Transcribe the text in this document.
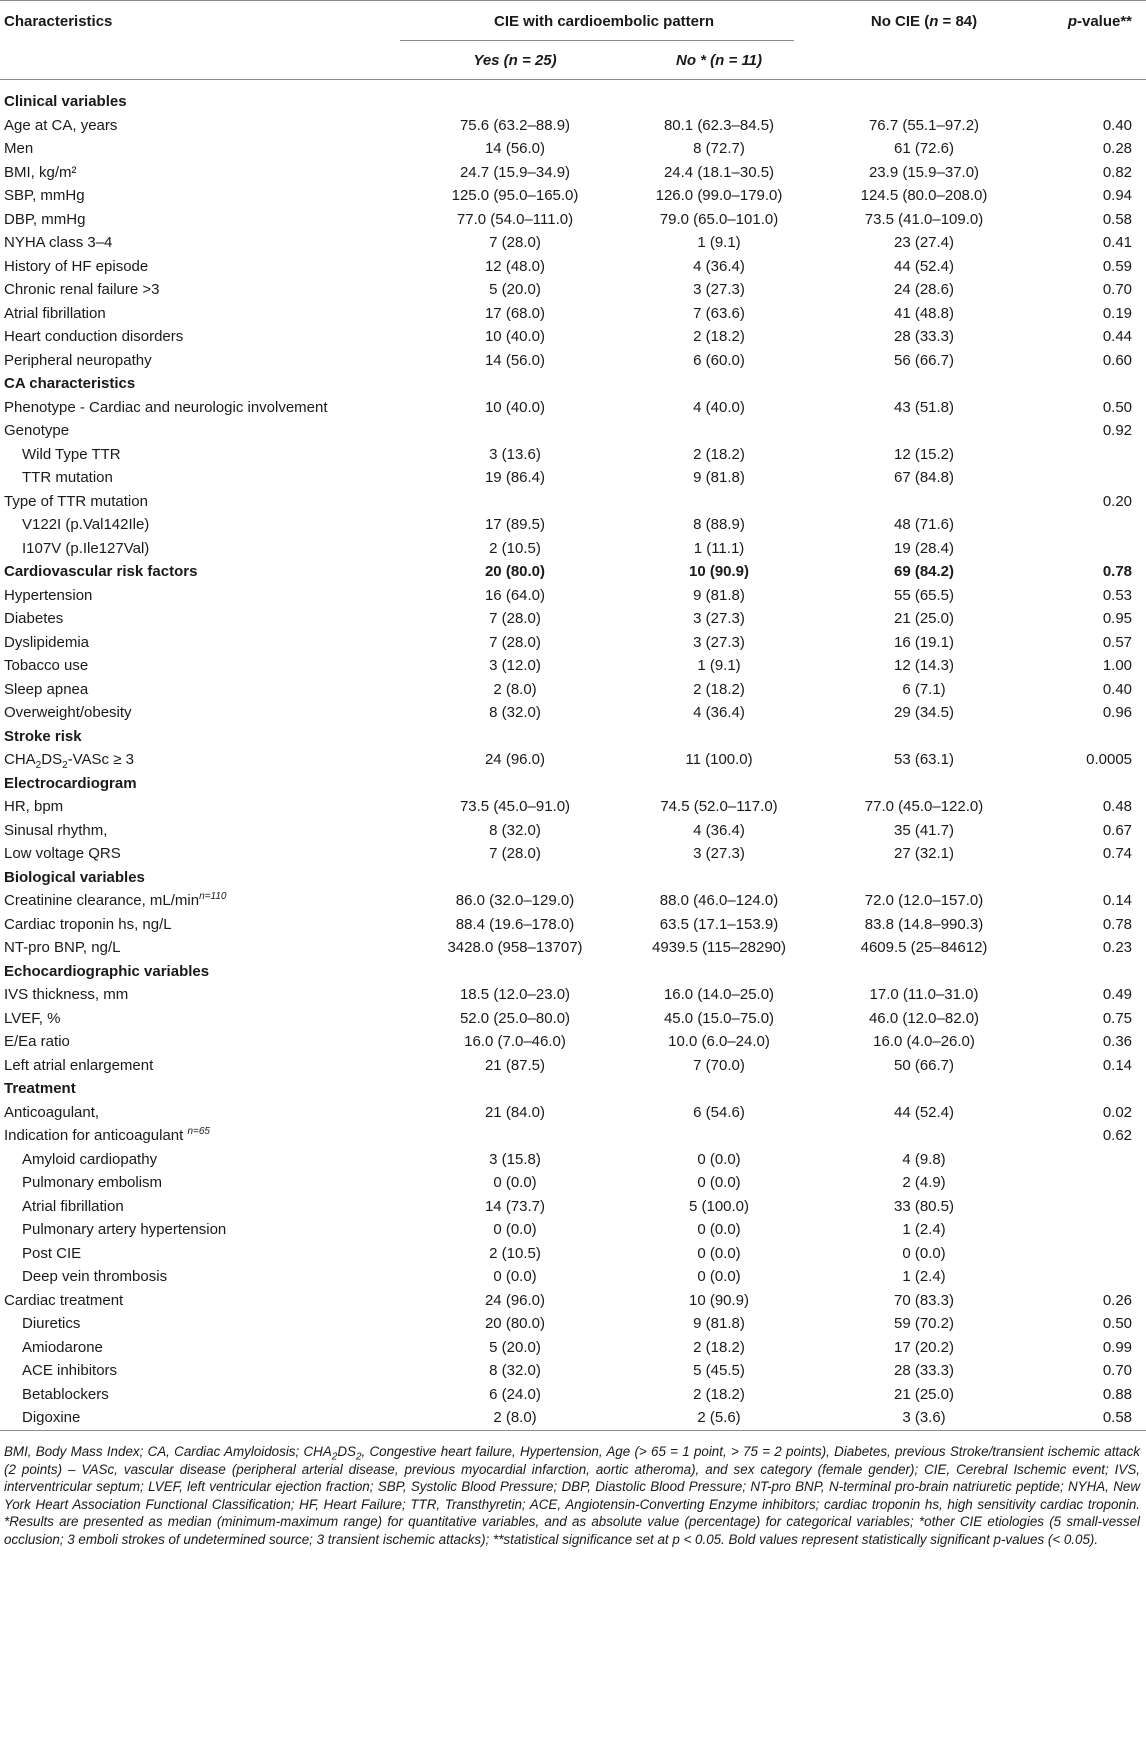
Characteristics	CIE with cardioembolic pattern		No CIE (n = 84)	p-value**
	Yes (n = 25)	No * (n = 11)		

Clinical variables				
Age at CA, years	75.6 (63.2–88.9)	80.1 (62.3–84.5)	76.7 (55.1–97.2)	0.40
Men	14 (56.0)	8 (72.7)	61 (72.6)	0.28
BMI, kg/m²	24.7 (15.9–34.9)	24.4 (18.1–30.5)	23.9 (15.9–37.0)	0.82
SBP, mmHg	125.0 (95.0–165.0)	126.0 (99.0–179.0)	124.5 (80.0–208.0)	0.94
DBP, mmHg	77.0 (54.0–111.0)	79.0 (65.0–101.0)	73.5 (41.0–109.0)	0.58
NYHA class 3–4	7 (28.0)	1 (9.1)	23 (27.4)	0.41
History of HF episode	12 (48.0)	4 (36.4)	44 (52.4)	0.59
Chronic renal failure >3	5 (20.0)	3 (27.3)	24 (28.6)	0.70
Atrial fibrillation	17 (68.0)	7 (63.6)	41 (48.8)	0.19
Heart conduction disorders	10 (40.0)	2 (18.2)	28 (33.3)	0.44
Peripheral neuropathy	14 (56.0)	6 (60.0)	56 (66.7)	0.60
CA characteristics				
Phenotype - Cardiac and neurologic involvement	10 (40.0)	4 (40.0)	43 (51.8)	0.50
Genotype				0.92
Wild Type TTR	3 (13.6)	2 (18.2)	12 (15.2)	
TTR mutation	19 (86.4)	9 (81.8)	67 (84.8)	
Type of TTR mutation				0.20
V122I (p.Val142Ile)	17 (89.5)	8 (88.9)	48 (71.6)	
I107V (p.Ile127Val)	2 (10.5)	1 (11.1)	19 (28.4)	
Cardiovascular risk factors	20 (80.0)	10 (90.9)	69 (84.2)	0.78
Hypertension	16 (64.0)	9 (81.8)	55 (65.5)	0.53
Diabetes	7 (28.0)	3 (27.3)	21 (25.0)	0.95
Dyslipidemia	7 (28.0)	3 (27.3)	16 (19.1)	0.57
Tobacco use	3 (12.0)	1 (9.1)	12 (14.3)	1.00
Sleep apnea	2 (8.0)	2 (18.2)	6 (7.1)	0.40
Overweight/obesity	8 (32.0)	4 (36.4)	29 (34.5)	0.96
Stroke risk				
$CHA_2DS_2$-VASc ≥ 3	24 (96.0)	11 (100.0)	53 (63.1)	0.0005
Electrocardiogram				
HR, bpm	73.5 (45.0–91.0)	74.5 (52.0–117.0)	77.0 (45.0–122.0)	0.48
Sinusal rhythm,	8 (32.0)	4 (36.4)	35 (41.7)	0.67
Low voltage QRS	7 (28.0)	3 (27.3)	27 (32.1)	0.74
Biological variables				
Creatinine clearance, $mL/\min^{n=110}$	86.0 (32.0–129.0)	88.0 (46.0–124.0)	72.0 (12.0–157.0)	0.14
Cardiac troponin hs, ng/L	88.4 (19.6–178.0)	63.5 (17.1–153.9)	83.8 (14.8–990.3)	0.78
NT-pro BNP, ng/L	3428.0 (958–13707)	4939.5 (115–28290)	4609.5 (25–84612)	0.23
Echocardiographic variables				
IVS thickness, mm	18.5 (12.0–23.0)	16.0 (14.0–25.0)	17.0 (11.0–31.0)	0.49
LVEF, %	52.0 (25.0–80.0)	45.0 (15.0–75.0)	46.0 (12.0–82.0)	0.75
E/Ea ratio	16.0 (7.0–46.0)	10.0 (6.0–24.0)	16.0 (4.0–26.0)	0.36
Left atrial enlargement	21 (87.5)	7 (70.0)	50 (66.7)	0.14
Treatment				
Anticoagulant,	21 (84.0)	6 (54.6)	44 (52.4)	0.02
Indication for anticoagulant $^{n=65}$				0.62
Amyloid cardiopathy	3 (15.8)	0 (0.0)	4 (9.8)	
Pulmonary embolism	0 (0.0)	0 (0.0)	2 (4.9)	
Atrial fibrillation	14 (73.7)	5 (100.0)	33 (80.5)	
Pulmonary artery hypertension	0 (0.0)	0 (0.0)	1 (2.4)	
Post CIE	2 (10.5)	0 (0.0)	0 (0.0)	
Deep vein thrombosis	0 (0.0)	0 (0.0)	1 (2.4)	
Cardiac treatment	24 (96.0)	10 (90.9)	70 (83.3)	0.26
Diuretics	20 (80.0)	9 (81.8)	59 (70.2)	0.50
Amiodarone	5 (20.0)	2 (18.2)	17 (20.2)	0.99
ACE inhibitors	8 (32.0)	5 (45.5)	28 (33.3)	0.70
Betablockers	6 (24.0)	2 (18.2)	21 (25.0)	0.88
Digoxine	2 (8.0)	2 (5.6)	3 (3.6)	0.58

BMI, Body Mass Index; CA, Cardiac Amyloidosis; $CHA_2DS_2$, Congestive heart failure, Hypertension, Age (> 65 = 1 point, > 75 = 2 points), Diabetes, previous Stroke/transient ischemic attack (2 points) – VASc, vascular disease (peripheral arterial disease, previous myocardial infarction, aortic atheroma), and sex category (female gender); CIE, Cerebral Ischemic event; IVS, interventricular septum; LVEF, left ventricular ejection fraction; SBP, Systolic Blood Pressure; DBP, Diastolic Blood Pressure; NT-pro BNP, N-terminal pro-brain natriuretic peptide; NYHA, New York Heart Association Functional Classification; HF, Heart Failure; TTR, Transthyretin; ACE, Angiotensin-Converting Enzyme inhibitors; cardiac troponin hs, high sensitivity cardiac troponin. *Results are presented as median (minimum-maximum range) for quantitative variables, and as absolute value (percentage) for categorical variables; *other CIE etiologies (5 small-vessel occlusion; 3 emboli strokes of undetermined source; 3 transient ischemic attacks); **statistical significance set at p < 0.05. Bold values represent statistically significant p-values (< 0.05).
